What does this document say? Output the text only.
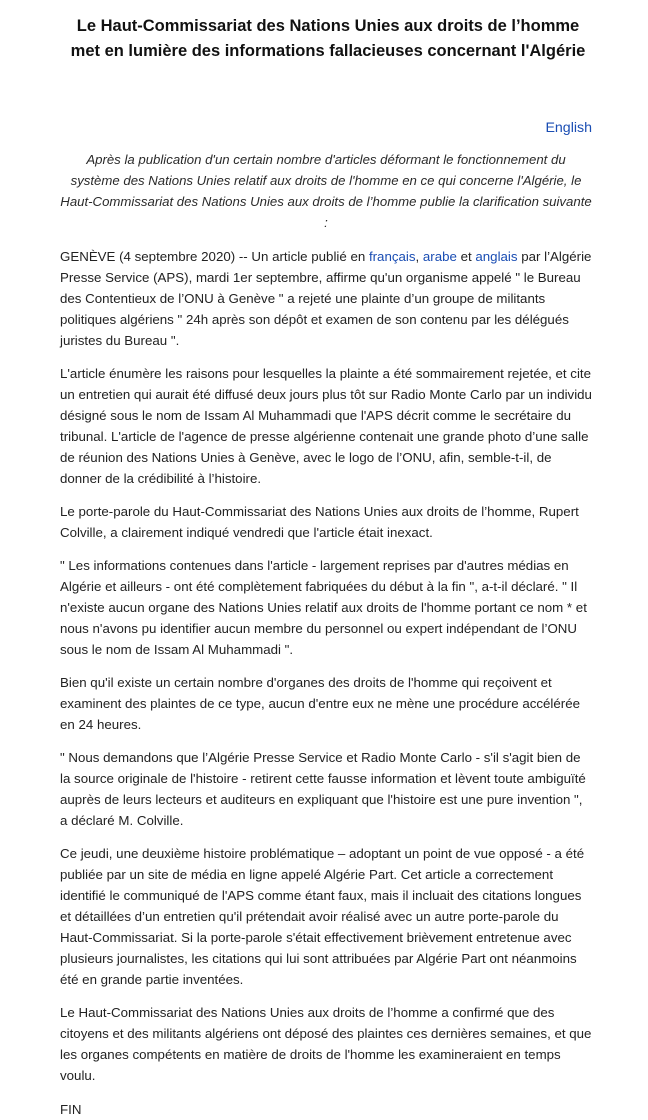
Le Haut-Commissariat des Nations Unies aux droits de l’homme met en lumière des informations fallacieuses concernant l'Algérie
English

Après la publication d'un certain nombre d'articles déformant le fonctionnement du système des Nations Unies relatif aux droits de l'homme en ce qui concerne l'Algérie, le Haut-Commissariat des Nations Unies aux droits de l’homme publie la clarification suivante :

GENÈVE (4 septembre 2020) -- Un article publié en français, arabe et anglais par l’Algérie Presse Service (APS), mardi 1er septembre, affirme qu'un organisme appelé " le Bureau des Contentieux de l’ONU à Genève " a rejeté une plainte d’un groupe de militants politiques algériens " 24h après son dépôt et examen de son contenu par les délégués juristes du Bureau ".

L'article énumère les raisons pour lesquelles la plainte a été sommairement rejetée, et cite un entretien qui aurait été diffusé deux jours plus tôt sur Radio Monte Carlo par un individu désigné sous le nom de Issam Al Muhammadi que l'APS décrit comme le secrétaire du tribunal. L'article de l'agence de presse algérienne contenait une grande photo d’une salle de réunion des Nations Unies à Genève, avec le logo de l’ONU, afin, semble-t-il, de donner de la crédibilité à l’histoire.

Le porte-parole du Haut-Commissariat des Nations Unies aux droits de l’homme, Rupert Colville, a clairement indiqué vendredi que l'article était inexact.

" Les informations contenues dans l'article - largement reprises par d'autres médias en Algérie et ailleurs - ont été complètement fabriquées du début à la fin ", a-t-il déclaré. " Il n'existe aucun organe des Nations Unies relatif aux droits de l'homme portant ce nom * et nous n'avons pu identifier aucun membre du personnel ou expert indépendant de l’ONU sous le nom de Issam Al Muhammadi ".

Bien qu'il existe un certain nombre d'organes des droits de l'homme qui reçoivent et examinent des plaintes de ce type, aucun d'entre eux ne mène une procédure accélérée en 24 heures.

" Nous demandons que l’Algérie Presse Service et Radio Monte Carlo - s'il s'agit bien de la source originale de l'histoire - retirent cette fausse information et lèvent toute ambiguïté auprès de leurs lecteurs et auditeurs en expliquant que l'histoire est une pure invention ", a déclaré M. Colville.

Ce jeudi, une deuxième histoire problématique – adoptant un point de vue opposé - a été publiée par un site de média en ligne appelé Algérie Part. Cet article a correctement identifié le communiqué de l'APS comme étant faux, mais il incluait des citations longues et détaillées d’un entretien qu'il prétendait avoir réalisé avec un autre porte-parole du Haut-Commissariat. Si la porte-parole s'était effectivement brièvement entretenue avec plusieurs journalistes, les citations qui lui sont attribuées par Algérie Part ont néanmoins été en grande partie inventées.

Le Haut-Commissariat des Nations Unies aux droits de l’homme a confirmé que des citoyens et des militants algériens ont déposé des plaintes ces dernières semaines, et que les organes compétents en matière de droits de l'homme les examineraient en temps voulu.

FIN
